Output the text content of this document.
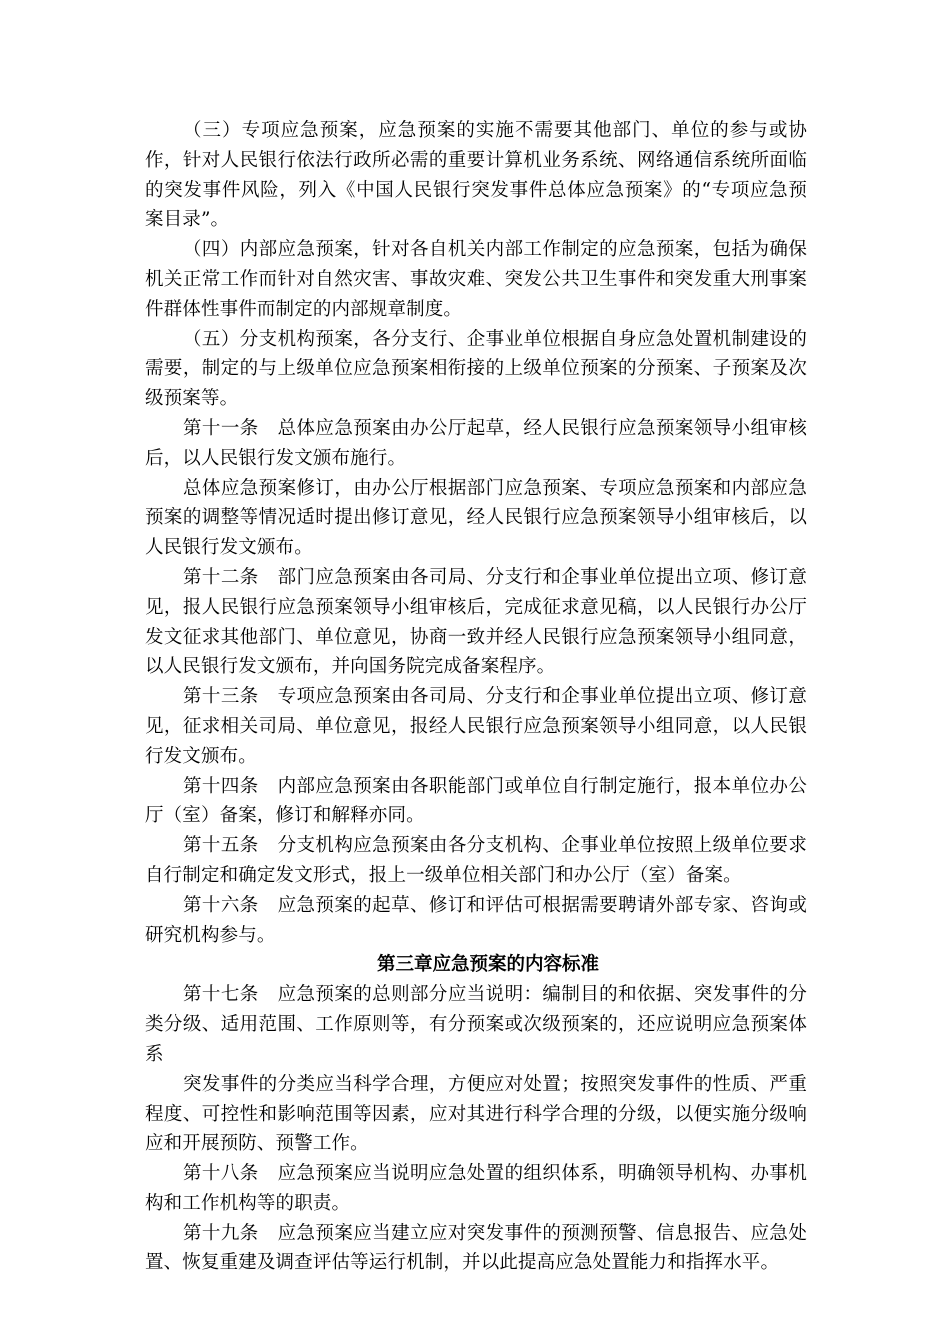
（三）专项应急预案，应急预案的实施不需要其他部门、单位的参与或协作，针对人民银行依法行政所必需的重要计算机业务系统、网络通信系统所面临的突发事件风险，列入《中国人民银行突发事件总体应急预案》的“专项应急预案目录”。

（四）内部应急预案，针对各自机关内部工作制定的应急预案，包括为确保机关正常工作而针对自然灾害、事故灾难、突发公共卫生事件和突发重大刑事案件群体性事件而制定的内部规章制度。

（五）分支机构预案，各分支行、企事业单位根据自身应急处置机制建设的需要，制定的与上级单位应急预案相衔接的上级单位预案的分预案、子预案及次级预案等。

第十一条　总体应急预案由办公厅起草，经人民银行应急预案领导小组审核后，以人民银行发文颁布施行。

总体应急预案修订，由办公厅根据部门应急预案、专项应急预案和内部应急预案的调整等情况适时提出修订意见，经人民银行应急预案领导小组审核后，以人民银行发文颁布。

第十二条　部门应急预案由各司局、分支行和企事业单位提出立项、修订意见，报人民银行应急预案领导小组审核后，完成征求意见稿，以人民银行办公厅发文征求其他部门、单位意见，协商一致并经人民银行应急预案领导小组同意，以人民银行发文颁布，并向国务院完成备案程序。

第十三条　专项应急预案由各司局、分支行和企事业单位提出立项、修订意见，征求相关司局、单位意见，报经人民银行应急预案领导小组同意，以人民银行发文颁布。

第十四条　内部应急预案由各职能部门或单位自行制定施行，报本单位办公厅（室）备案，修订和解释亦同。

第十五条　分支机构应急预案由各分支机构、企事业单位按照上级单位要求自行制定和确定发文形式，报上一级单位相关部门和办公厅（室）备案。

第十六条　应急预案的起草、修订和评估可根据需要聘请外部专家、咨询或研究机构参与。

第三章应急预案的内容标准

第十七条　应急预案的总则部分应当说明：编制目的和依据、突发事件的分类分级、适用范围、工作原则等，有分预案或次级预案的，还应说明应急预案体系

突发事件的分类应当科学合理，方便应对处置；按照突发事件的性质、严重程度、可控性和影响范围等因素，应对其进行科学合理的分级，以便实施分级响应和开展预防、预警工作。

第十八条　应急预案应当说明应急处置的组织体系，明确领导机构、办事机构和工作机构等的职责。

第十九条　应急预案应当建立应对突发事件的预测预警、信息报告、应急处置、恢复重建及调查评估等运行机制，并以此提高应急处置能力和指挥水平。
